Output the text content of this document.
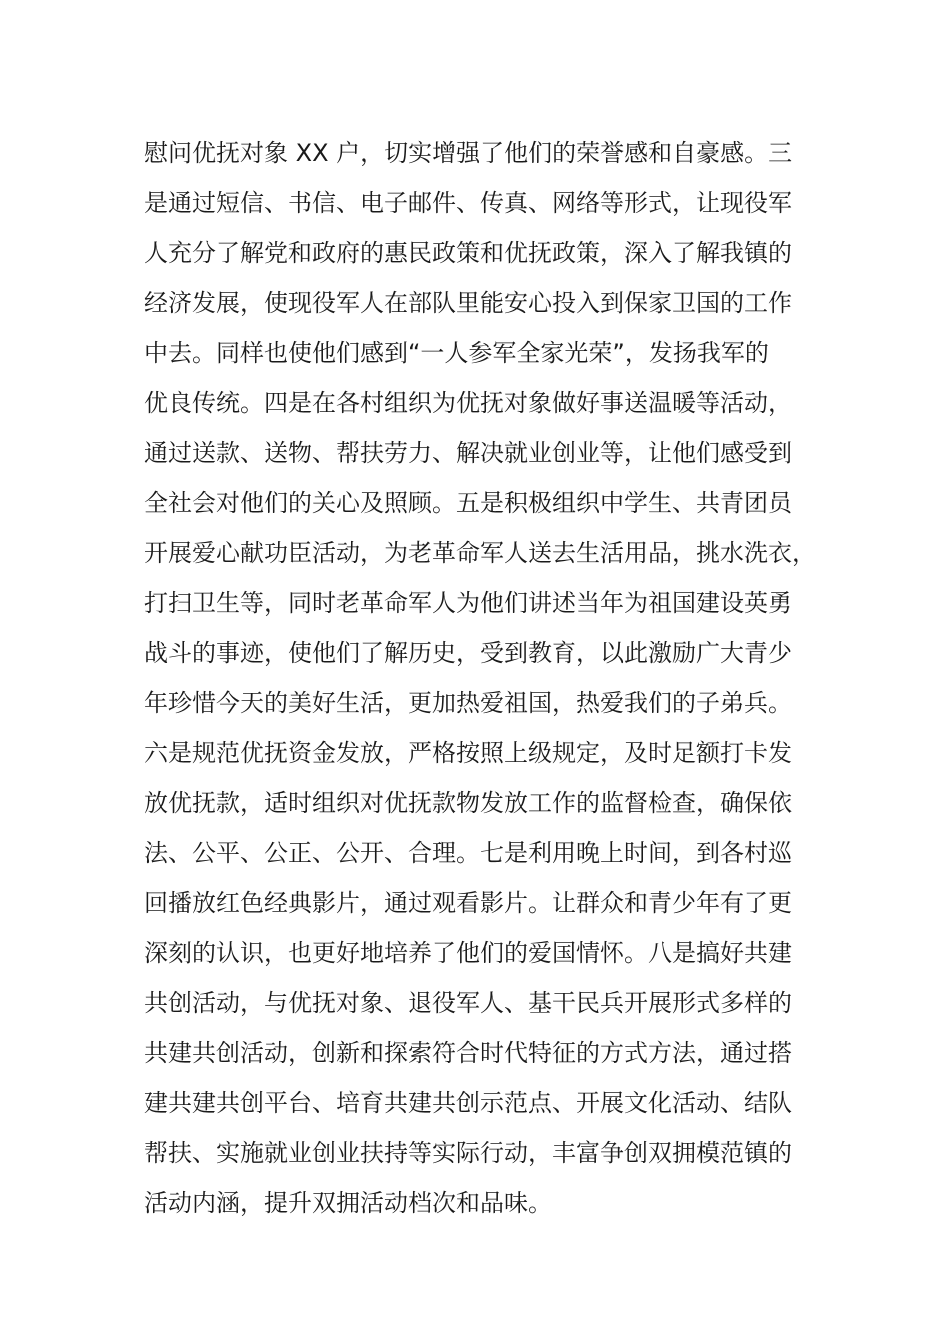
慰问优抚对象 XX 户，切实增强了他们的荣誉感和自豪感。三
是通过短信、书信、电子邮件、传真、网络等形式，让现役军
人充分了解党和政府的惠民政策和优抚政策，深入了解我镇的
经济发展，使现役军人在部队里能安心投入到保家卫国的工作
中去。同样也使他们感到“一人参军全家光荣”，发扬我军的
优良传统。四是在各村组织为优抚对象做好事送温暖等活动，
通过送款、送物、帮扶劳力、解决就业创业等，让他们感受到
全社会对他们的关心及照顾。五是积极组织中学生、共青团员
开展爱心献功臣活动，为老革命军人送去生活用品，挑水洗衣，
打扫卫生等，同时老革命军人为他们讲述当年为祖国建设英勇
战斗的事迹，使他们了解历史，受到教育，以此激励广大青少
年珍惜今天的美好生活，更加热爱祖国，热爱我们的子弟兵。
六是规范优抚资金发放，严格按照上级规定，及时足额打卡发
放优抚款，适时组织对优抚款物发放工作的监督检查，确保依
法、公平、公正、公开、合理。七是利用晚上时间，到各村巡
回播放红色经典影片，通过观看影片。让群众和青少年有了更
深刻的认识，也更好地培养了他们的爱国情怀。八是搞好共建
共创活动，与优抚对象、退役军人、基干民兵开展形式多样的
共建共创活动，创新和探索符合时代特征的方式方法，通过搭
建共建共创平台、培育共建共创示范点、开展文化活动、结队
帮扶、实施就业创业扶持等实际行动，丰富争创双拥模范镇的
活动内涵，提升双拥活动档次和品味。
